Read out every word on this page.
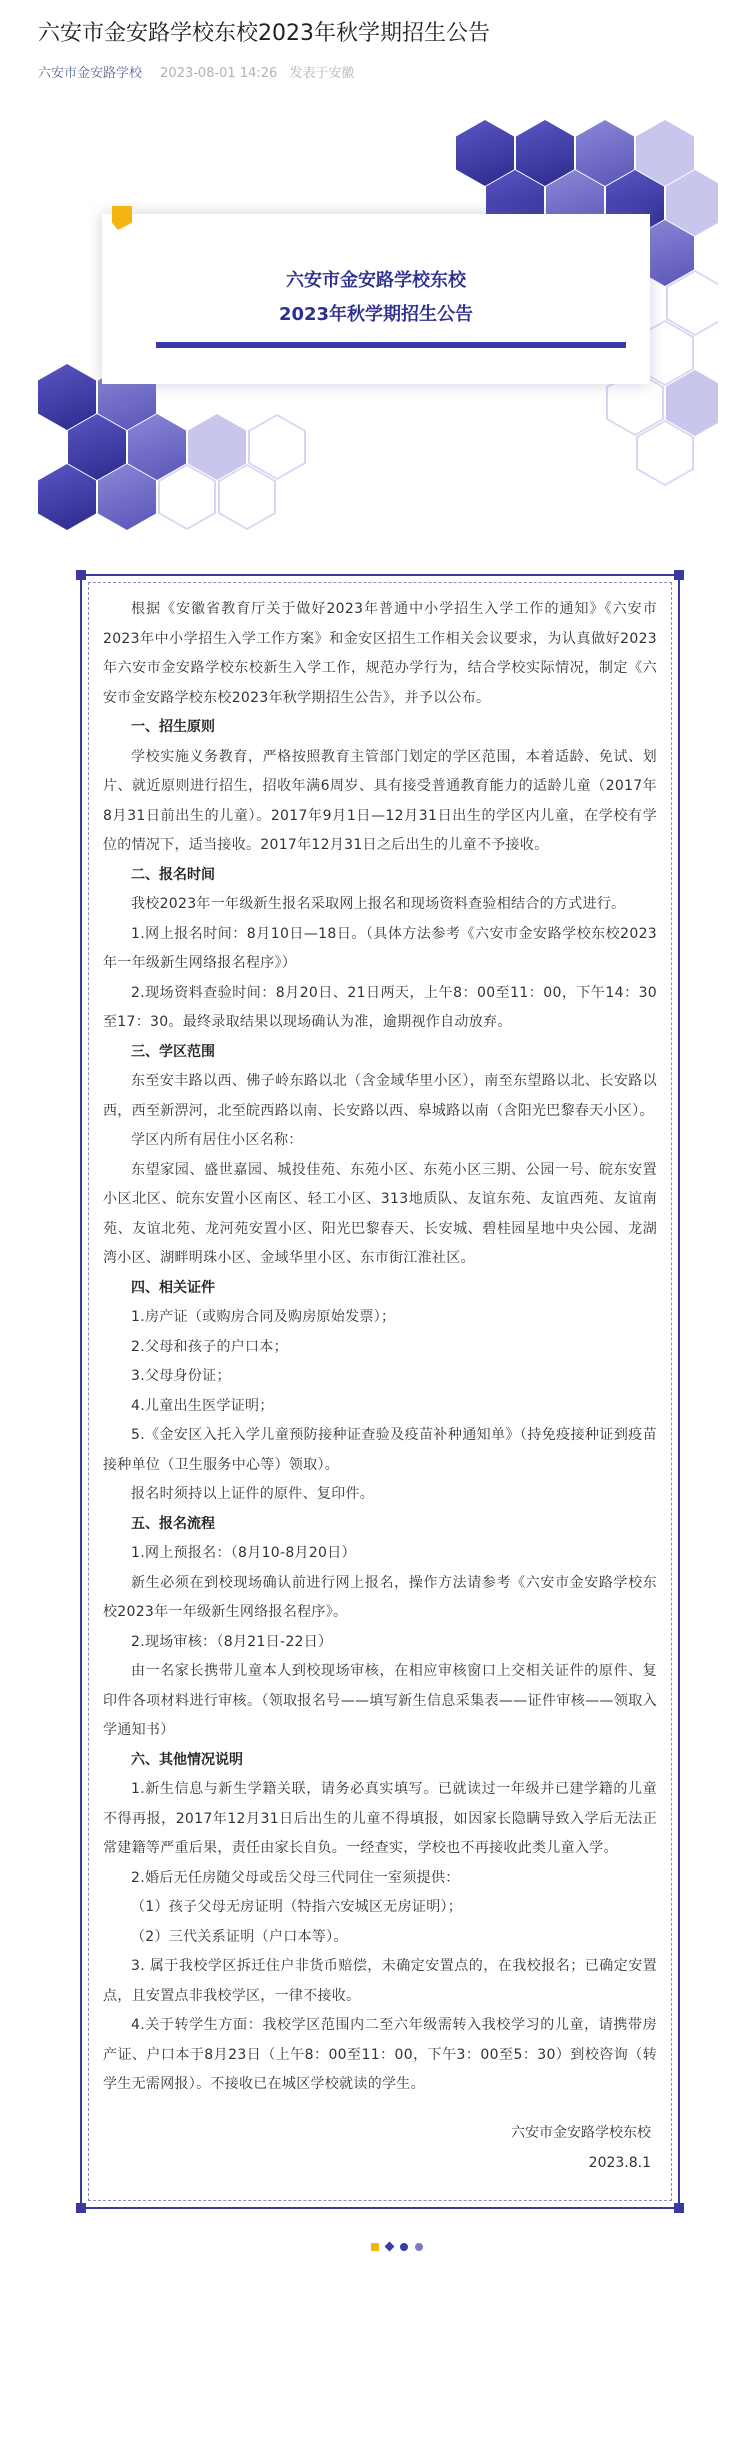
六安市金安路学校东校2023年秋学期招生公告
六安市金安路学校 2023-08-01 14:26 发表于安徽
六安市金安路学校东校
2023年秋学期招生公告

根据《安徽省教育厅关于做好2023年普通中小学招生入学工作的通知》《六安市2023年中小学招生入学工作方案》和金安区招生工作相关会议要求，为认真做好2023年六安市金安路学校东校新生入学工作，规范办学行为，结合学校实际情况，制定《六安市金安路学校东校2023年秋学期招生公告》，并予以公布。

一、招生原则

学校实施义务教育，严格按照教育主管部门划定的学区范围，本着适龄、免试、划片、就近原则进行招生，招收年满6周岁、具有接受普通教育能力的适龄儿童（2017年8月31日前出生的儿童）。2017年9月1日—12月31日出生的学区内儿童，在学校有学位的情况下，适当接收。2017年12月31日之后出生的儿童不予接收。

二、报名时间

我校2023年一年级新生报名采取网上报名和现场资料查验相结合的方式进行。

1.网上报名时间：8月10日—18日。（具体方法参考《六安市金安路学校东校2023年一年级新生网络报名程序》）

2.现场资料查验时间：8月20日、21日两天，上午8：00至11：00，下午14：30至17：30。最终录取结果以现场确认为准，逾期视作自动放弃。

三、学区范围

东至安丰路以西、佛子岭东路以北（含金域华里小区），南至东望路以北、长安路以西，西至新淠河，北至皖西路以南、长安路以西、皋城路以南（含阳光巴黎春天小区）。

学区内所有居住小区名称：

东望家园、盛世嘉园、城投佳苑、东苑小区、东苑小区三期、公园一号、皖东安置小区北区、皖东安置小区南区、轻工小区、313地质队、友谊东苑、友谊西苑、友谊南苑、友谊北苑、龙河苑安置小区、阳光巴黎春天、长安城、碧桂园星地中央公园、龙湖湾小区、湖畔明珠小区、金域华里小区、东市街江淮社区。

四、相关证件

1.房产证（或购房合同及购房原始发票）；

2.父母和孩子的户口本；

3.父母身份证；

4.儿童出生医学证明；

5.《金安区入托入学儿童预防接种证查验及疫苗补种通知单》（持免疫接种证到疫苗接种单位（卫生服务中心等）领取）。

报名时须持以上证件的原件、复印件。

五、报名流程

1.网上预报名：（8月10-8月20日）

新生必须在到校现场确认前进行网上报名，操作方法请参考《六安市金安路学校东校2023年一年级新生网络报名程序》。

2.现场审核：（8月21日-22日）

由一名家长携带儿童本人到校现场审核，在相应审核窗口上交相关证件的原件、复印件各项材料进行审核。（领取报名号——填写新生信息采集表——证件审核——领取入学通知书）

六、其他情况说明

1.新生信息与新生学籍关联，请务必真实填写。已就读过一年级并已建学籍的儿童不得再报，2017年12月31日后出生的儿童不得填报，如因家长隐瞒导致入学后无法正常建籍等严重后果，责任由家长自负。一经查实，学校也不再接收此类儿童入学。

2.婚后无任房随父母或岳父母三代同住一室须提供：

（1）孩子父母无房证明（特指六安城区无房证明）；

（2）三代关系证明（户口本等）。

3. 属于我校学区拆迁住户非货币赔偿，未确定安置点的，在我校报名；已确定安置点，且安置点非我校学区，一律不接收。

4.关于转学生方面：我校学区范围内二至六年级需转入我校学习的儿童，请携带房产证、户口本于8月23日（上午8：00至11：00，下午3：00至5：30）到校咨询（转学生无需网报）。不接收已在城区学校就读的学生。

六安市金安路学校东校

2023.8.1
